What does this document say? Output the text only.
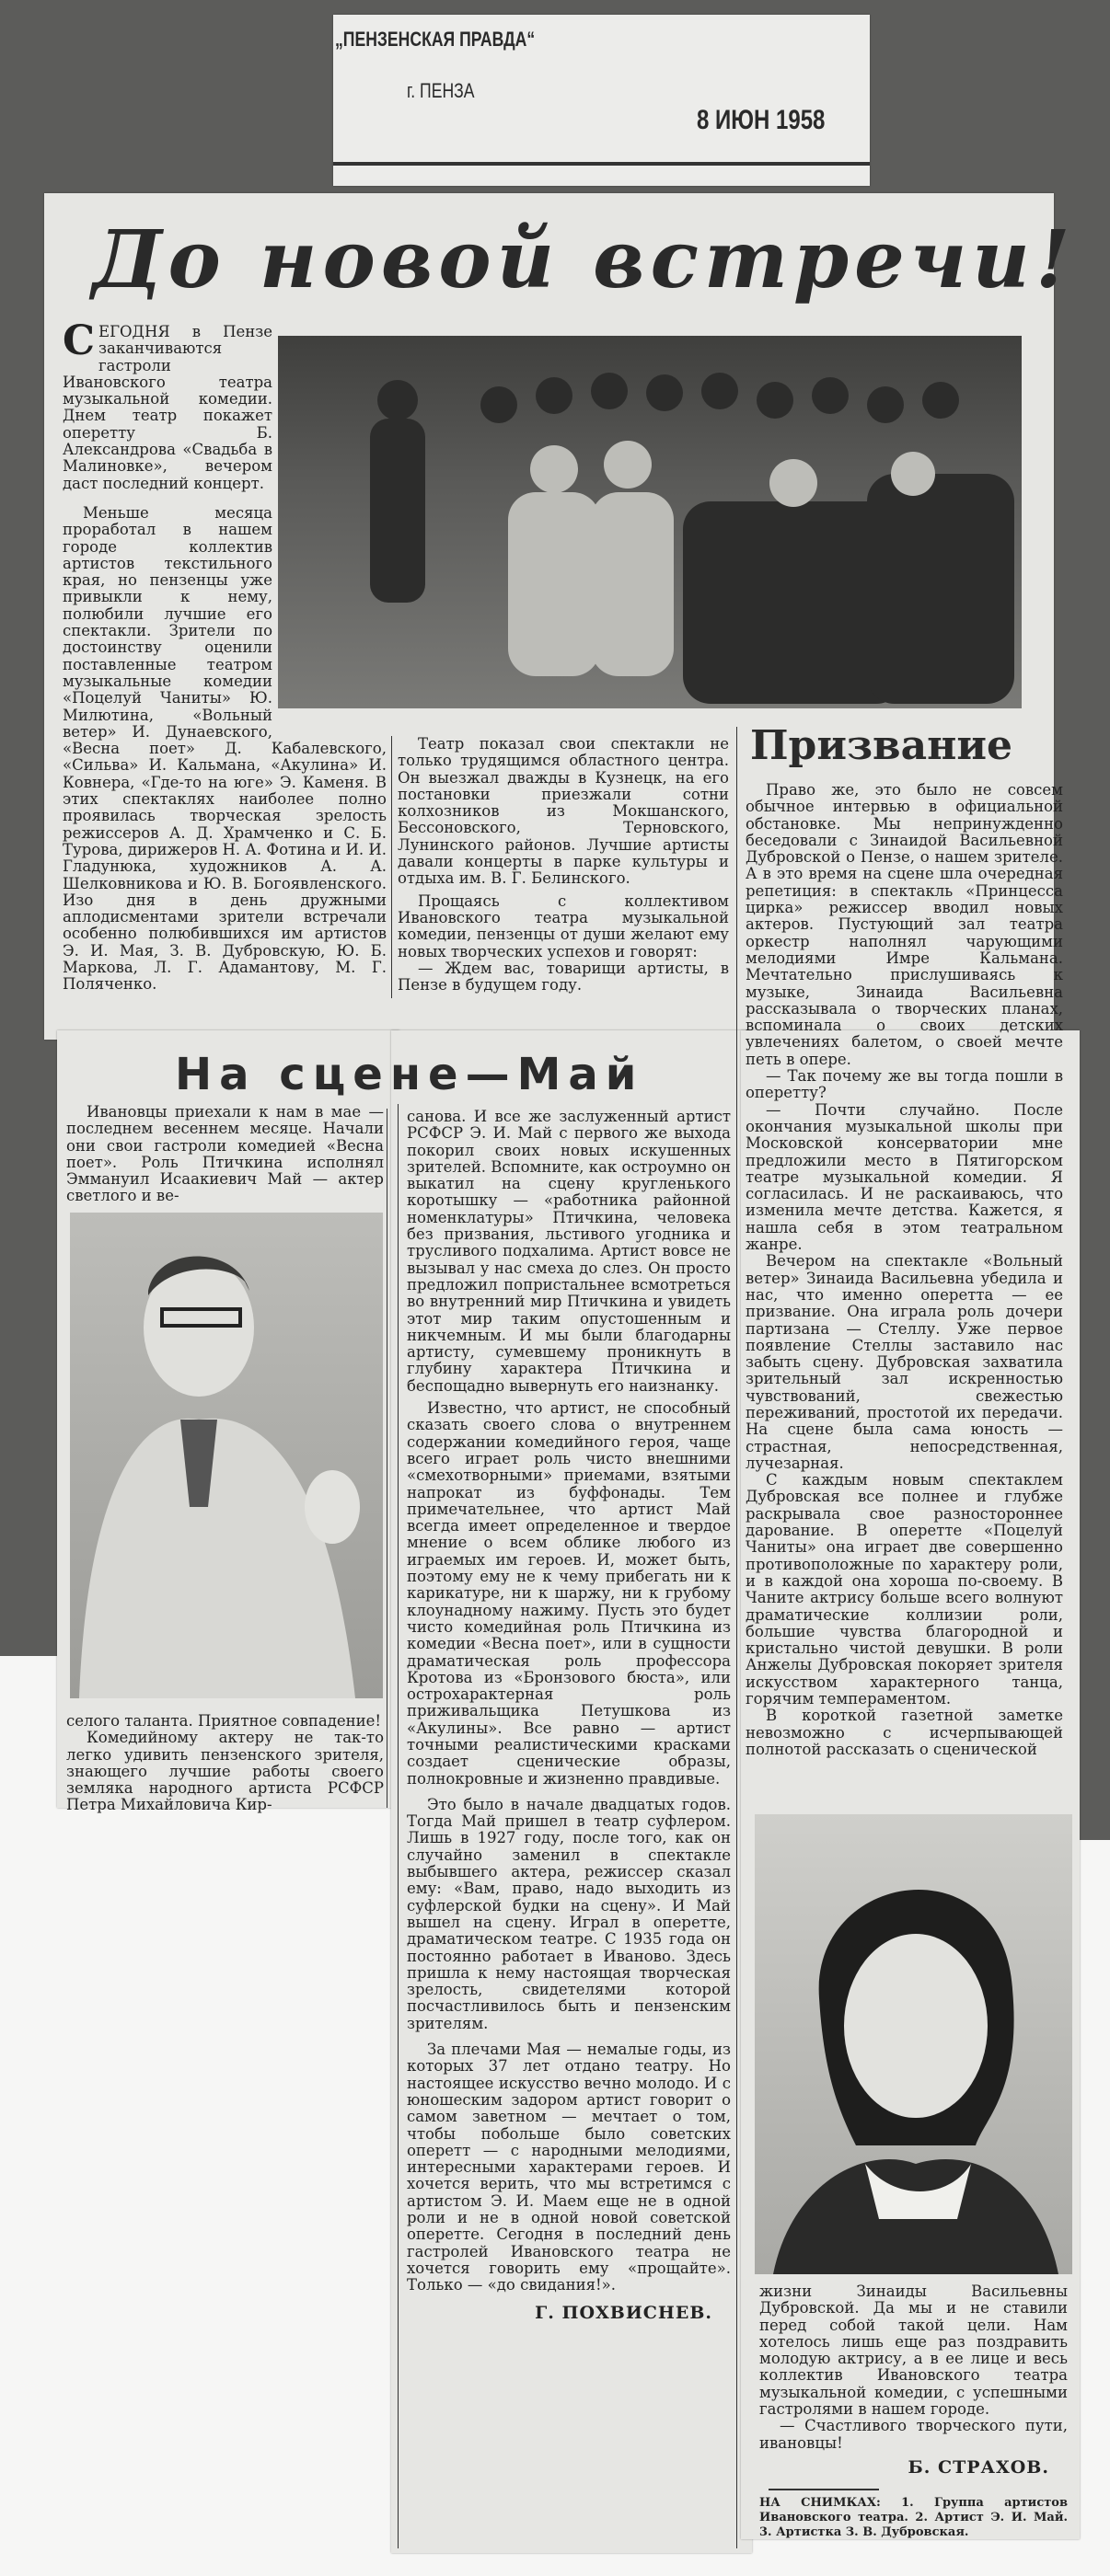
„ПЕНЗЕНСКАЯ ПРАВДА“
г. ПЕНЗА
8 ИЮН 1958
До новой встречи!

СЕГОДНЯ в Пензе заканчиваются гастроли Ивановского театра музыкальной комедии. Днем театр покажет оперетту Б. Александрова «Свадьба в Малиновке», вечером даст последний концерт.

Меньше месяца проработал в нашем городе коллектив артистов текстильного края, но пензенцы уже привыкли к нему, полюбили лучшие его спектакли. Зрители по достоинству оценили поставленные театром музыкальные комедии «Поцелуй Чаниты» Ю. Милютина, «Вольный ветер» И. Дунаевского, «Весна поет» Д. Кабалевского, «Сильва» И. Кальмана, «Акулина» И. Ковнера, «Где-то на юге» Э. Каменя. В этих спектаклях наиболее полно проявилась творческая зрелость режиссеров А. Д. Храмченко и С. Б. Турова, дирижеров Н. А. Фотина и И. И. Гладунюка, художников А. А. Шелковникова и Ю. В. Богоявленского. Изо дня в день дружными аплодисментами зрители встречали особенно полюбившихся им артистов Э. И. Мая, З. В. Дубровскую, Ю. Б. Маркова, Л. Г. Адамантову, М. Г. Поляченко.

Театр показал свои спектакли не только трудящимся областного центра. Он выезжал дважды в Кузнецк, на его постановки приезжали сотни колхозников из Мокшанского, Бессоновского, Терновского, Лунинского районов. Лучшие артисты давали концерты в парке культуры и отдыха им. В. Г. Белинского.

Прощаясь с коллективом Ивановского театра музыкальной комедии, пензенцы от души желают ему новых творческих успехов и говорят:

— Ждем вас, товарищи артисты, в Пензе в будущем году.

Призвание

Право же, это было не совсем обычное интервью в официальной обстановке. Мы непринужденно беседовали с Зинаидой Васильевной Дубровской о Пензе, о нашем зрителе. А в это время на сцене шла очередная репетиция: в спектакль «Принцесса цирка» режиссер вводил новых актеров. Пустующий зал театра оркестр наполнял чарующими мелодиями Имре Кальмана. Мечтательно прислушиваясь к музыке, Зинаида Васильевна рассказывала о творческих планах, вспоминала о своих детских увлечениях балетом, о своей мечте петь в опере.

— Так почему же вы тогда пошли в оперетту?

— Почти случайно. После окончания музыкальной школы при Московской консерватории мне предложили место в Пятигорском театре музыкальной комедии. Я согласилась. И не раскаиваюсь, что изменила мечте детства. Кажется, я нашла себя в этом театральном жанре.

Вечером на спектакле «Вольный ветер» Зинаида Васильевна убедила и нас, что именно оперетта — ее призвание. Она играла роль дочери партизана — Стеллу. Уже первое появление Стеллы заставило нас забыть сцену. Дубровская захватила зрительный зал искренностью чувствований, свежестью переживаний, простотой их передачи. На сцене была сама юность — страстная, непосредственная, лучезарная.

С каждым новым спектаклем Дубровская все полнее и глубже раскрывала свое разностороннее дарование. В оперетте «Поцелуй Чаниты» она играет две совершенно противоположные по характеру роли, и в каждой она хороша по-своему. В Чаните актрису больше всего волнуют драматические коллизии роли, большие чувства благородной и кристально чистой девушки. В роли Анжелы Дубровская покоряет зрителя искусством характерного танца, горячим темпераментом.

В короткой газетной заметке невозможно с исчерпывающей полнотой рассказать о сценической

жизни Зинаиды Васильевны Дубровской. Да мы и не ставили перед собой такой цели. Нам хотелось лишь еще раз поздравить молодую актрису, а в ее лице и весь коллектив Ивановского театра музыкальной комедии, с успешными гастролями в нашем городе.

— Счастливого творческого пути, ивановцы!

Б. СТРАХОВ.
НА СНИМКАХ: 1. Группа артистов Ивановского театра. 2. Артист Э. И. Май. 3. Артистка З. В. Дубровская.
На сцене—Май

Ивановцы приехали к нам в мае — последнем весеннем месяце. Начали они свои гастроли комедией «Весна поет». Роль Птичкина исполнял Эммануил Исаакиевич Май — актер светлого и ве-

селого таланта. Приятное совпадение!

Комедийному актеру не так-то легко удивить пензенского зрителя, знающего лучшие работы своего земляка народного артиста РСФСР Петра Михайловича Кир-

санова. И все же заслуженный артист РСФСР Э. И. Май с первого же выхода покорил своих новых искушенных зрителей. Вспомните, как остроумно он выкатил на сцену кругленького коротышку — «работника районной номенклатуры» Птичкина, человека без призвания, льстивого угодника и трусливого подхалима. Артист вовсе не вызывал у нас смеха до слез. Он просто предложил попристальнее всмотреться во внутренний мир Птичкина и увидеть этот мир таким опустошенным и никчемным. И мы были благодарны артисту, сумевшему проникнуть в глубину характера Птичкина и беспощадно вывернуть его наизнанку.

Известно, что артист, не способный сказать своего слова о внутреннем содержании комедийного героя, чаще всего играет роль чисто внешними «смехотворными» приемами, взятыми напрокат из буффонады. Тем примечательнее, что артист Май всегда имеет определенное и твердое мнение о всем облике любого из играемых им героев. И, может быть, поэтому ему не к чему прибегать ни к карикатуре, ни к шаржу, ни к грубому клоунадному нажиму. Пусть это будет чисто комедийная роль Птичкина из комедии «Весна поет», или в сущности драматическая роль профессора Кротова из «Бронзового бюста», или острохарактерная роль приживальщика Петушкова из «Акулины». Все равно — артист точными реалистическими красками создает сценические образы, полнокровные и жизненно правдивые.

Это было в начале двадцатых годов. Тогда Май пришел в театр суфлером. Лишь в 1927 году, после того, как он случайно заменил в спектакле выбывшего актера, режиссер сказал ему: «Вам, право, надо выходить из суфлерской будки на сцену». И Май вышел на сцену. Играл в оперетте, драматическом театре. С 1935 года он постоянно работает в Иваново. Здесь пришла к нему настоящая творческая зрелость, свидетелями которой посчастливилось быть и пензенским зрителям.

За плечами Мая — немалые годы, из которых 37 лет отдано театру. Но настоящее искусство вечно молодо. И с юношеским задором артист говорит о самом заветном — мечтает о том, чтобы побольше было советских оперетт — с народными мелодиями, интересными характерами героев. И хочется верить, что мы встретимся с артистом Э. И. Маем еще не в одной роли и не в одной новой советской оперетте. Сегодня в последний день гастролей Ивановского театра не хочется говорить ему «прощайте». Только — «до свидания!».

Г. ПОХВИСНЕВ.
